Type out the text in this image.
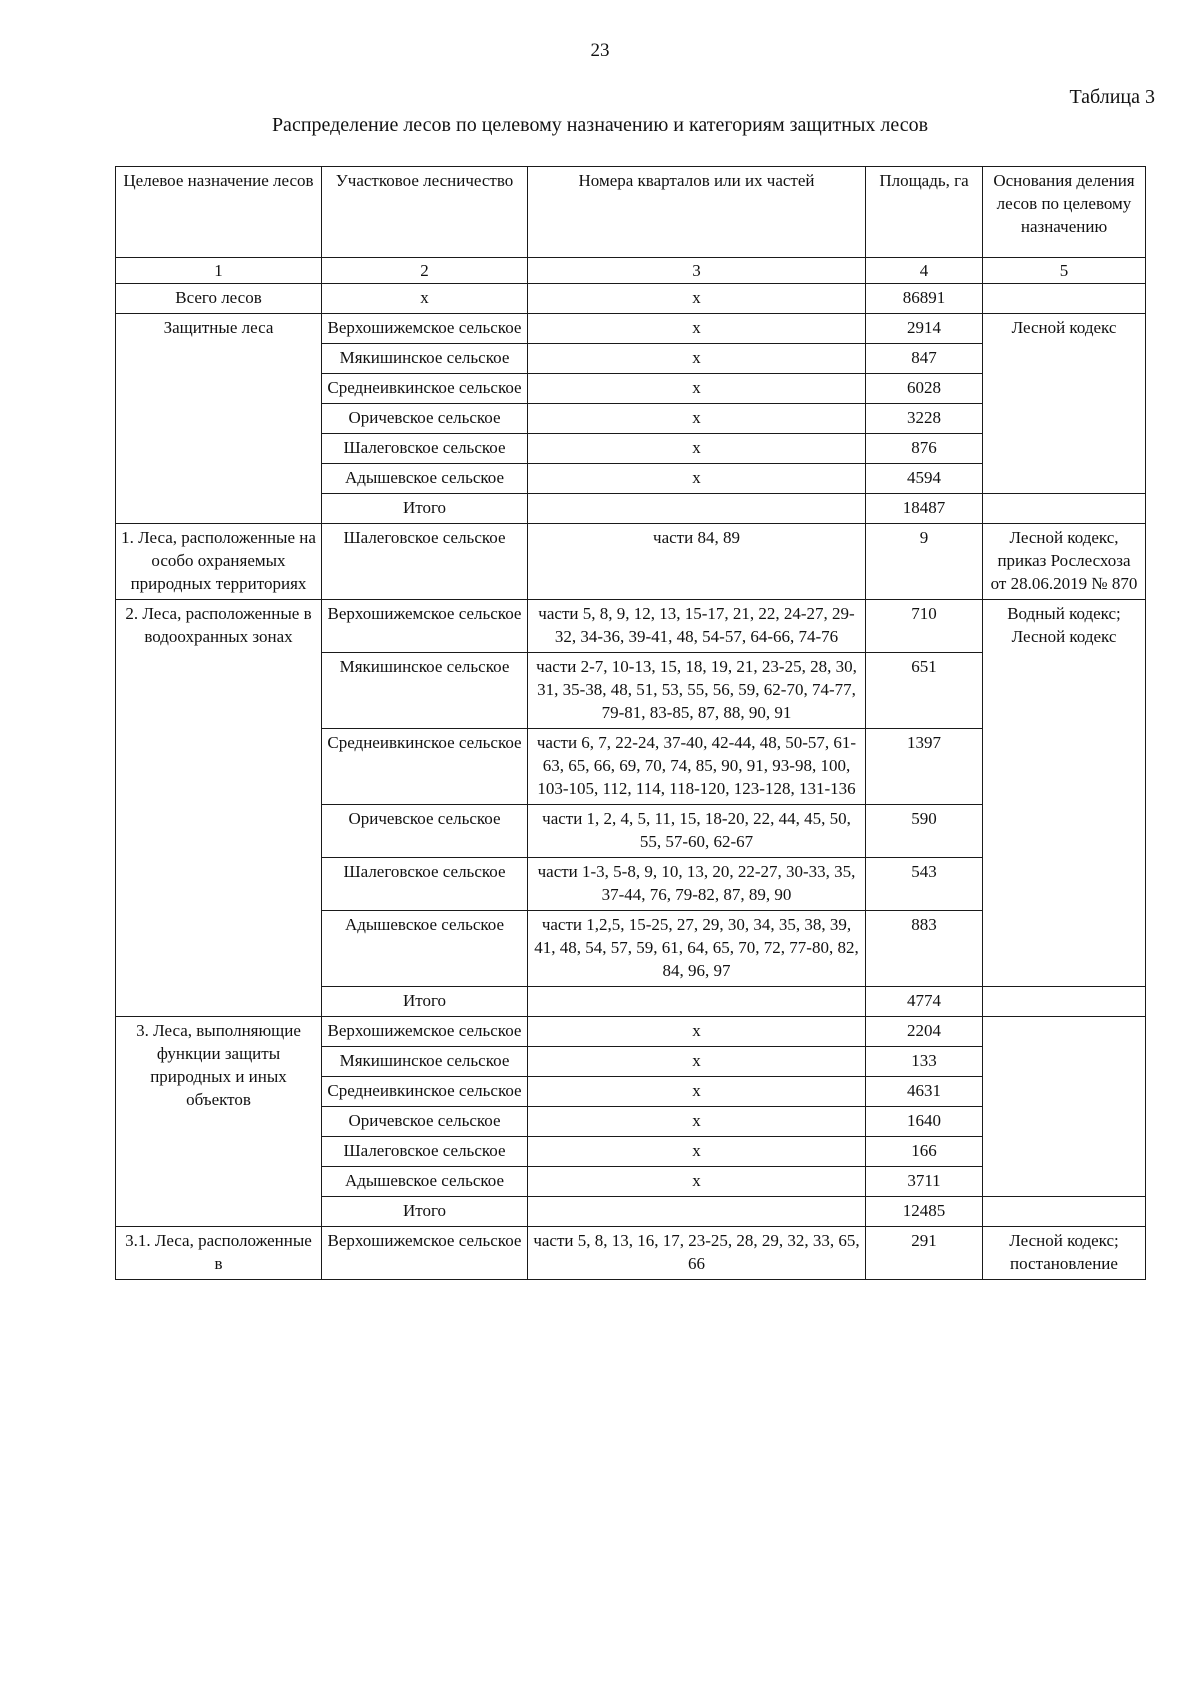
23
Таблица 3
Распределение лесов по целевому назначению и категориям защитных лесов
Целевое назначение лесов	Участковое лесничество	Номера кварталов или их частей	Площадь, га	Основания деления лесов по целевому назначению
1	2	3	4	5
Всего лесов	х	х	86891	
Защитные леса	Верхошижемское сельское	х	2914	Лесной кодекс
	Мякишинское сельское	х	847	
	Среднеивкинское сельское	х	6028	
	Оричевское сельское	х	3228	
	Шалеговское сельское	х	876	
	Адышевское сельское	х	4594	
	Итого		18487	
1. Леса, расположенные на особо охраняемых природных территориях	Шалеговское сельское	части 84, 89	9	Лесной кодекс, приказ Рослесхоза от 28.06.2019 № 870
2. Леса, расположенные в водоохранных зонах	Верхошижемское сельское	части 5, 8, 9, 12, 13, 15-17, 21, 22, 24-27, 29-32, 34-36, 39-41, 48, 54-57, 64-66, 74-76	710	Водный кодекс; Лесной кодекс
	Мякишинское сельское	части 2-7, 10-13, 15, 18, 19, 21, 23-25, 28, 30, 31, 35-38, 48, 51, 53, 55, 56, 59, 62-70, 74-77, 79-81, 83-85, 87, 88, 90, 91	651	
	Среднеивкинское сельское	части 6, 7, 22-24, 37-40, 42-44, 48, 50-57, 61-63, 65, 66, 69, 70, 74, 85, 90, 91, 93-98, 100, 103-105, 112, 114, 118-120, 123-128, 131-136	1397	
	Оричевское сельское	части 1, 2, 4, 5, 11, 15, 18-20, 22, 44, 45, 50, 55, 57-60, 62-67	590	
	Шалеговское сельское	части 1-3, 5-8, 9, 10, 13, 20, 22-27, 30-33, 35, 37-44, 76, 79-82, 87, 89, 90	543	
	Адышевское сельское	части 1,2,5, 15-25, 27, 29, 30, 34, 35, 38, 39, 41, 48, 54, 57, 59, 61, 64, 65, 70, 72, 77-80, 82, 84, 96, 97	883	
	Итого		4774	
3. Леса, выполняющие функции защиты природных и иных объектов	Верхошижемское сельское	х	2204	
	Мякишинское сельское	х	133	
	Среднеивкинское сельское	х	4631	
	Оричевское сельское	х	1640	
	Шалеговское сельское	х	166	
	Адышевское сельское	х	3711	
	Итого		12485	
3.1. Леса, расположенные в	Верхошижемское сельское	части 5, 8, 13, 16, 17, 23-25, 28, 29, 32, 33, 65, 66	291	Лесной кодекс; постановление
